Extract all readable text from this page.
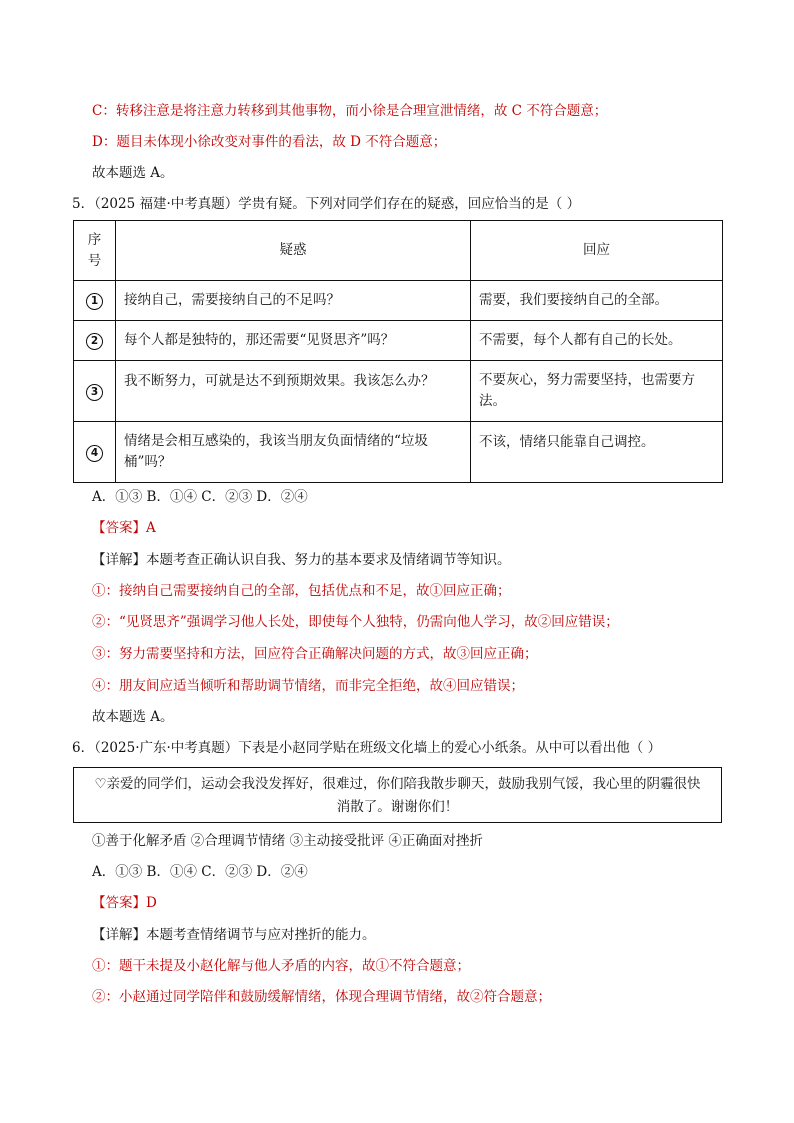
C：转移注意是将注意力转移到其他事物，而小徐是合理宣泄情绪，故 C 不符合题意；
D：题目未体现小徐改变对事件的看法，故 D 不符合题意；
故本题选 A。
5．（2025 福建·中考真题）学贵有疑。下列对同学们存在的疑惑，回应恰当的是（ ）
序
号	疑惑	回应
1	接纳自己，需要接纳自己的不足吗？	需要，我们要接纳自己的全部。
2	每个人都是独特的，那还需要“见贤思齐”吗？	不需要，每个人都有自己的长处。
3	我不断努力，可就是达不到预期效果。我该怎么办？	不要灰心，努力需要坚持，也需要方法。
4	情绪是会相互感染的，我该当朋友负面情绪的“垃圾桶”吗？	不该，情绪只能靠自己调控。
A．①③ B．①④ C．②③ D．②④
【答案】A
【详解】本题考查正确认识自我、努力的基本要求及情绪调节等知识。
①：接纳自己需要接纳自己的全部，包括优点和不足，故①回应正确；
②：“见贤思齐”强调学习他人长处，即使每个人独特，仍需向他人学习，故②回应错误；
③：努力需要坚持和方法，回应符合正确解决问题的方式，故③回应正确；
④：朋友间应适当倾听和帮助调节情绪，而非完全拒绝，故④回应错误；
故本题选 A。
6．（2025·广东·中考真题）下表是小赵同学贴在班级文化墙上的爱心小纸条。从中可以看出他（ ）
♡亲爱的同学们，运动会我没发挥好，很难过，你们陪我散步聊天，鼓励我别气馁，我心里的阴霾很快
消散了。谢谢你们！
①善于化解矛盾 ②合理调节情绪 ③主动接受批评 ④正确面对挫折
A．①③ B．①④ C．②③ D．②④
【答案】D
【详解】本题考查情绪调节与应对挫折的能力。
①：题干未提及小赵化解与他人矛盾的内容，故①不符合题意；
②：小赵通过同学陪伴和鼓励缓解情绪，体现合理调节情绪，故②符合题意；
